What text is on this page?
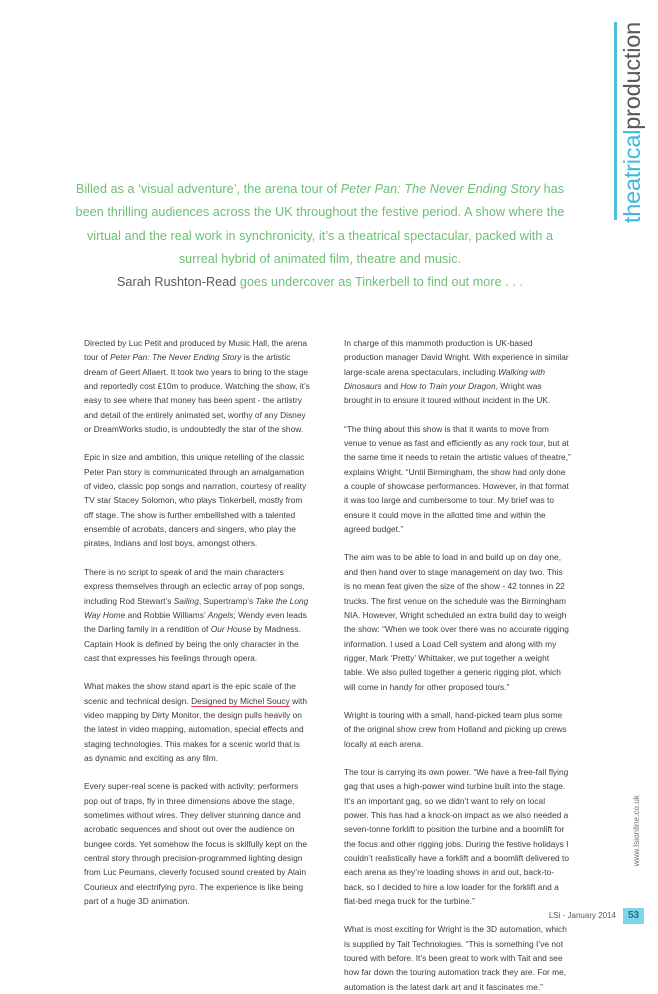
theatricalproduction
Billed as a ‘visual adventure’, the arena tour of Peter Pan: The Never Ending Story has been thrilling audiences across the UK throughout the festive period. A show where the virtual and the real work in synchronicity, it’s a theatrical spectacular, packed with a surreal hybrid of animated film, theatre and music.
Sarah Rushton-Read goes undercover as Tinkerbell to find out more . . .

Directed by Luc Petit and produced by Music Hall, the arena tour of Peter Pan: The Never Ending Story is the artistic dream of Geert Allaert. It took two years to bring to the stage and reportedly cost £10m to produce. Watching the show, it’s easy to see where that money has been spent - the artistry and detail of the entirely animated set, worthy of any Disney or DreamWorks studio, is undoubtedly the star of the show.

Epic in size and ambition, this unique retelling of the classic Peter Pan story is communicated through an amalgamation of video, classic pop songs and narration, courtesy of reality TV star Stacey Solomon, who plays Tinkerbell, mostly from off stage. The show is further embellished with a talented ensemble of acrobats, dancers and singers, who play the pirates, Indians and lost boys, amongst others.

There is no script to speak of and the main characters express themselves through an eclectic array of pop songs, including Rod Stewart’s Sailing, Supertramp’s Take the Long Way Home and Robbie Williams’ Angels; Wendy even leads the Darling family in a rendition of Our House by Madness. Captain Hook is defined by being the only character in the cast that expresses his feelings through opera.

What makes the show stand apart is the epic scale of the scenic and technical design. Designed by Michel Soucy with video mapping by Dirty Monitor, the design pulls heavily on the latest in video mapping, automation, special effects and staging technologies. This makes for a scenic world that is as dynamic and exciting as any film.

Every super-real scene is packed with activity: performers pop out of traps, fly in three dimensions above the stage, sometimes without wires. They deliver stunning dance and acrobatic sequences and shoot out over the audience on bungee cords. Yet somehow the focus is skilfully kept on the central story through precision-programmed lighting design from Luc Peumans, cleverly focused sound created by Alain Courieux and electrifying pyro. The experience is like being part of a huge 3D animation.

In charge of this mammoth production is UK-based production manager David Wright. With experience in similar large-scale arena spectaculars, including Walking with Dinosaurs and How to Train your Dragon, Wright was brought in to ensure it toured without incident in the UK.

“The thing about this show is that it wants to move from venue to venue as fast and efficiently as any rock tour, but at the same time it needs to retain the artistic values of theatre,” explains Wright. “Until Birmingham, the show had only done a couple of showcase performances. However, in that format it was too large and cumbersome to tour. My brief was to ensure it could move in the allotted time and within the agreed budget.”

The aim was to be able to load in and build up on day one, and then hand over to stage management on day two. This is no mean feat given the size of the show - 42 tonnes in 22 trucks. The first venue on the schedule was the Birmingham NIA. However, Wright scheduled an extra build day to weigh the show: “When we took over there was no accurate rigging information. I used a Load Cell system and along with my rigger, Mark ‘Pretty’ Whittaker, we put together a weight table. We also pulled together a generic rigging plot, which will come in handy for other proposed tours.”

Wright is touring with a small, hand-picked team plus some of the original show crew from Holland and picking up crews locally at each arena.

The tour is carrying its own power. “We have a free-fall flying gag that uses a high-power wind turbine built into the stage. It’s an important gag, so we didn’t want to rely on local power. This has had a knock-on impact as we also needed a seven-tonne forklift to position the turbine and a boomlift for the focus and other rigging jobs. During the festive holidays I couldn’t realistically have a forklift and a boomlift delivered to each arena as they’re loading shows in and out, back-to-back, so I decided to hire a low loader for the forklift and a flat-bed mega truck for the turbine.”

What is most exciting for Wright is the 3D automation, which is supplied by Tait Technologies. “This is something I’ve not toured with before. It’s been great to work with Tait and see how far down the touring automation track they are. For me, automation is the latest dark art and it fascinates me.”

www.lsionline.co.uk
LSi - January 2014	53
